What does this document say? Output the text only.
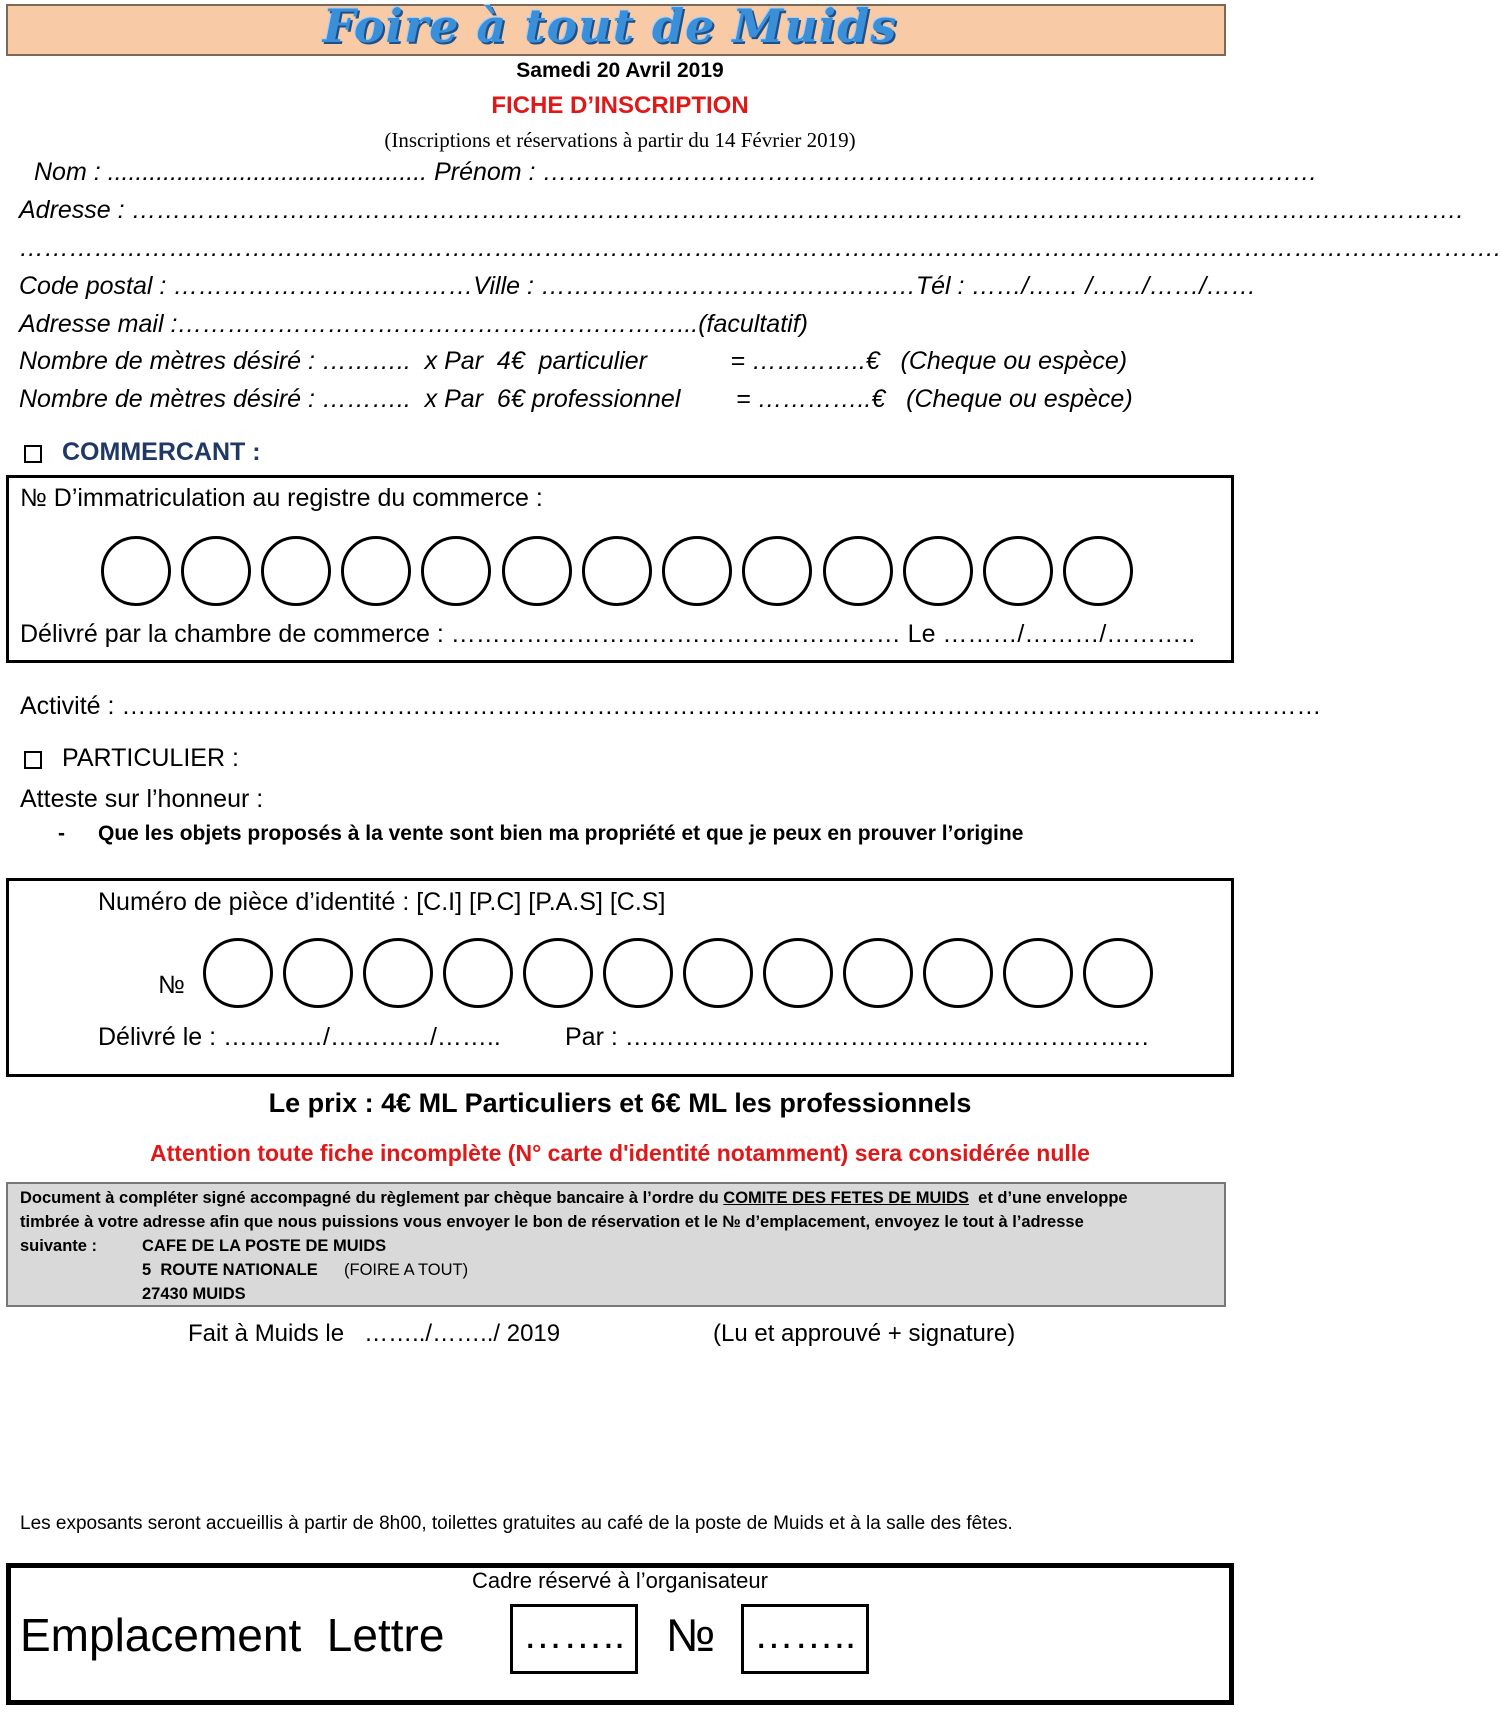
Foire à tout de Muids
Samedi 20 Avril 2019
FICHE D’INSCRIPTION
(Inscriptions et réservations à partir du 14 Février 2019)
Nom : .............................................. Prénom : …………………………………………………………………………………
Adresse : …………………………………………………………………………………………………………………………………………….
…………………………………………………………………………………………………………………………………………………………….
Code postal : ………………………………Ville : ………………………………………Tél : ……/…… /……/……/……
Adresse mail :……………………………………………………...(facultatif)
Nombre de mètres désiré : ………..  x Par  4€  particulier            = …………..€   (Cheque ou espèce)
Nombre de mètres désiré : ………..  x Par  6€ professionnel        = …………..€   (Cheque ou espèce)
COMMERCANT :
№ D’immatriculation au registre du commerce :
Délivré par la chambre de commerce : ……………………………………………… Le ………/………/………..
Activité : ………………………………………………………………………………………………………………………………
PARTICULIER :
Atteste sur l’honneur :
- Que les objets proposés à la vente sont bien ma propriété et que je peux en prouver l’origine
Numéro de pièce d’identité : [C.I] [P.C] [P.A.S] [C.S]
№
Délivré le : …………/…………/……..	Par : ………………………………………………………
Le prix : 4€ ML Particuliers et 6€ ML les professionnels
Attention toute fiche incomplète (N° carte d'identité notamment) sera considérée nulle
Document à compléter signé accompagné du règlement par chèque bancaire à l’ordre du COMITE DES FETES DE MUIDS  et d’une enveloppe
timbrée à votre adresse afin que nous puissions vous envoyer le bon de réservation et le № d’emplacement, envoyez le tout à l’adresse
suivante :	CAFE DE LA POSTE DE MUIDS
5  ROUTE NATIONALE (FOIRE A TOUT)
27430 MUIDS
Fait à Muids le   ……../……../ 2019	(Lu et approuvé + signature)
Les exposants seront accueillis à partir de 8h00, toilettes gratuites au café de la poste de Muids et à la salle des fêtes.
Cadre réservé à l’organisateur
Emplacement  Lettre …….. № ……..
